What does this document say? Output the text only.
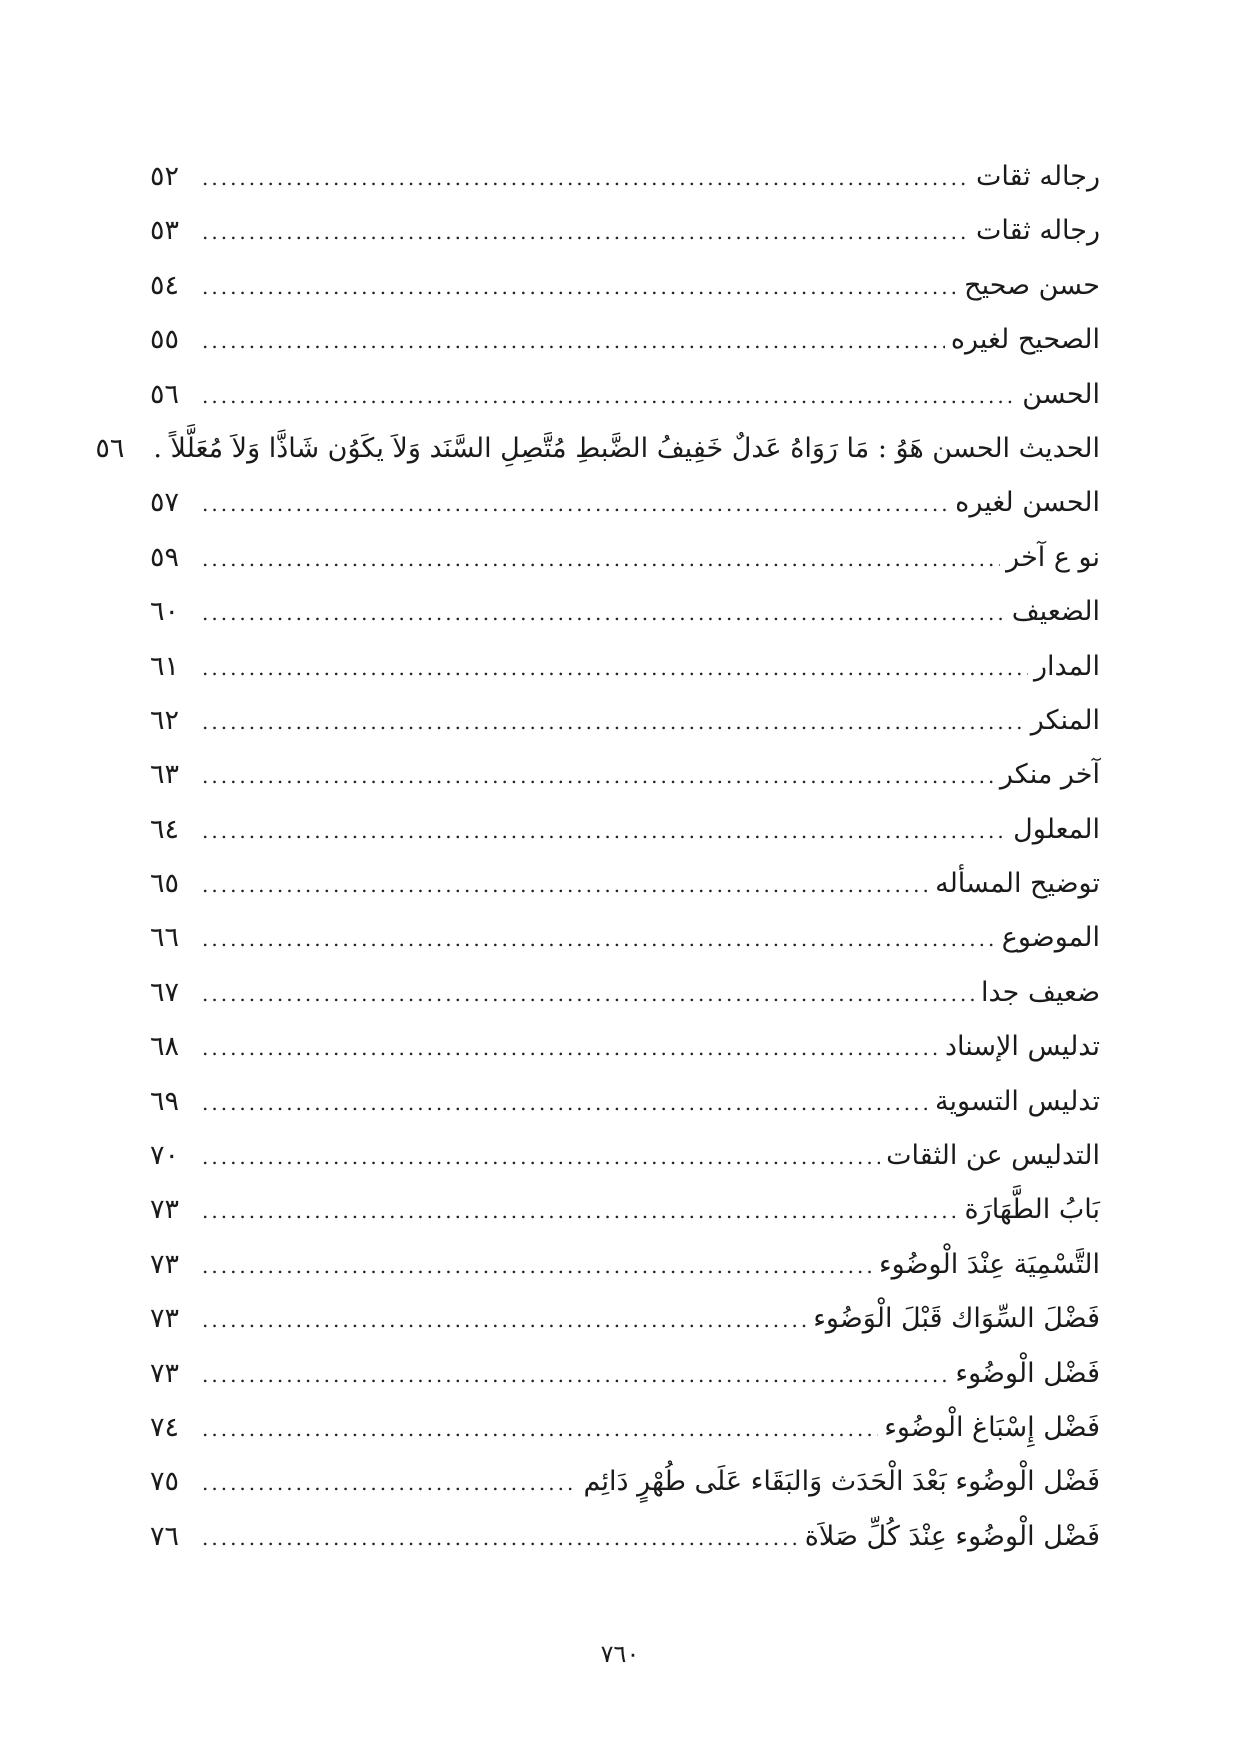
رجاله ثقات
.....
٥٢
رجاله ثقات
.....
٥٣
حسن صحيح
.....
٥٤
الصحيح لغيره
.....
٥٥
الحسن
.....
٥٦
الحديث الحسن هَوُ : مَا رَوَاهُ عَدلٌ خَفِيفُ الضَّبطِ مُتَّصِلِ السَّنَد وَلاَ يكَوُن شَاذَّا وَلاَ مُعَلَّلاً .
٥٦
الحسن لغيره
.....
٥٧
نو ع آخر
.....
٥٩
الضعيف
.....
٦٠
المدار
.....
٦١
المنكر
.....
٦٢
آخر منكر
.....
٦٣
المعلول
.....
٦٤
توضيح المسأله
.....
٦٥
الموضوع
.....
٦٦
ضعيف جدا
.....
٦٧
تدليس الإسناد
.....
٦٨
تدليس التسوية
.....
٦٩
التدليس عن الثقات
.....
٧٠
بَابُ الطَّهَارَة
.....
٧٣
التَّسْمِيَة عِنْدَ الْوضُوء
.....
٧٣
فَضْلَ السِّوَاك قَبْلَ الْوَضُوء
.....
٧٣
فَضْل الْوضُوء
.....
٧٣
فَضْل إِسْبَاغ الْوضُوء
.....
٧٤
فَضْل الْوضُوء بَعْدَ الْحَدَث وَالبَقَاء عَلَى طُهْرٍ دَائِم
.....
٧٥
فَضْل الْوضُوء عِنْدَ كُلِّ صَلاَة
.....
٧٦
٧٦٠
